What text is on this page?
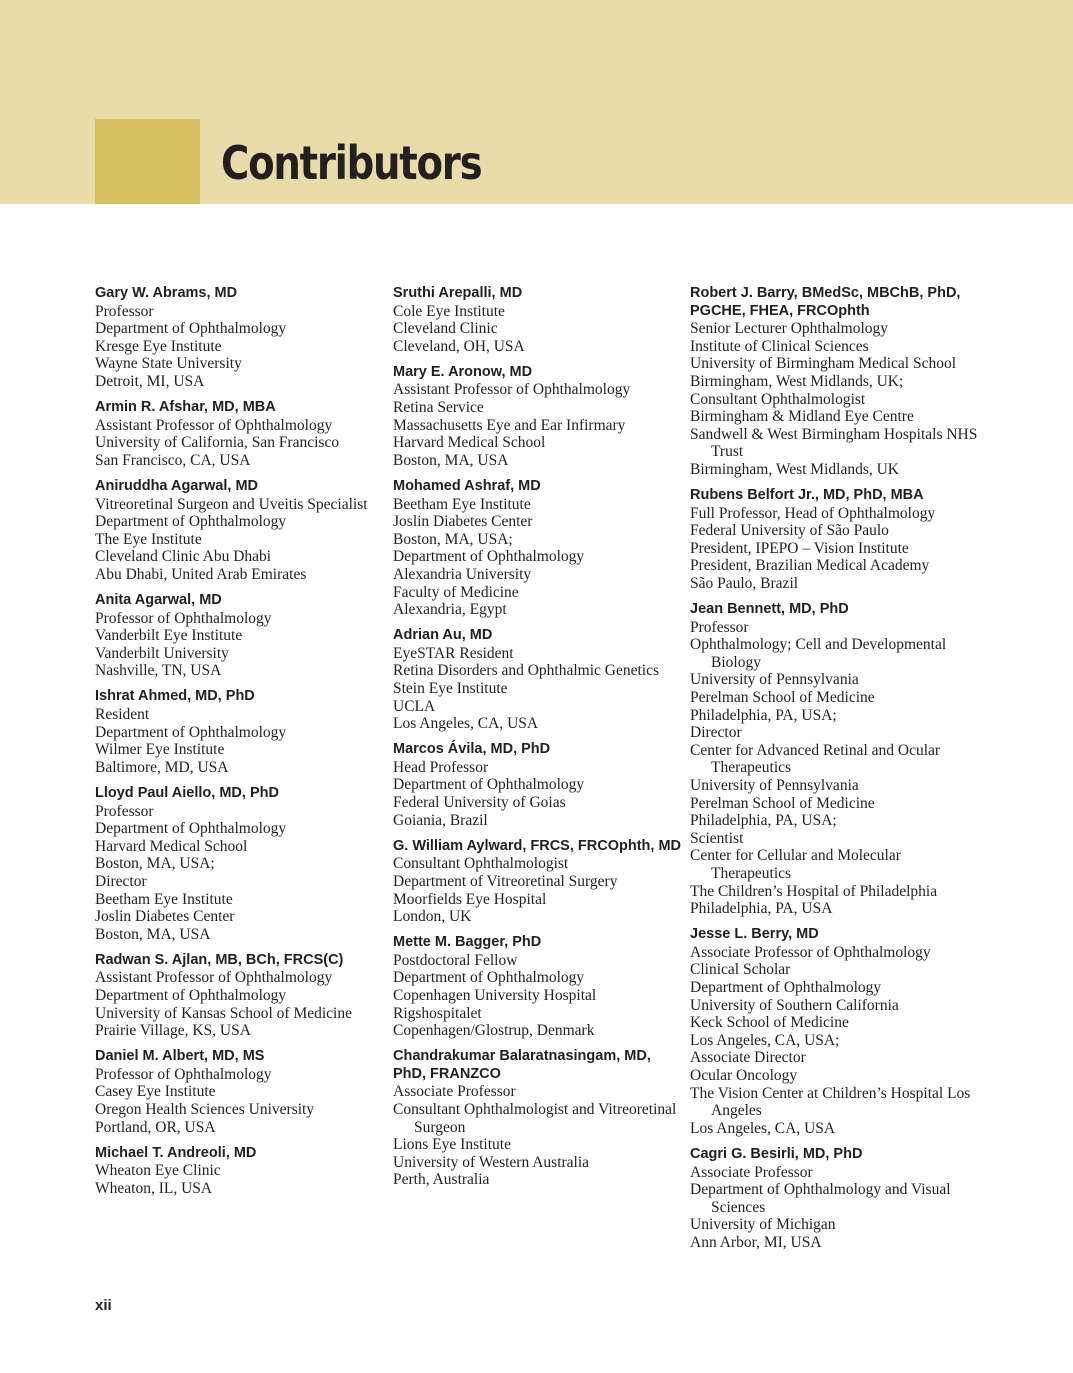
Contributors
Gary W. Abrams, MD
Professor
Department of Ophthalmology
Kresge Eye Institute
Wayne State University
Detroit, MI, USA
Armin R. Afshar, MD, MBA
Assistant Professor of Ophthalmology
University of California, San Francisco
San Francisco, CA, USA
Aniruddha Agarwal, MD
Vitreoretinal Surgeon and Uveitis Specialist
Department of Ophthalmology
The Eye Institute
Cleveland Clinic Abu Dhabi
Abu Dhabi, United Arab Emirates
Anita Agarwal, MD
Professor of Ophthalmology
Vanderbilt Eye Institute
Vanderbilt University
Nashville, TN, USA
Ishrat Ahmed, MD, PhD
Resident
Department of Ophthalmology
Wilmer Eye Institute
Baltimore, MD, USA
Lloyd Paul Aiello, MD, PhD
Professor
Department of Ophthalmology
Harvard Medical School
Boston, MA, USA;
Director
Beetham Eye Institute
Joslin Diabetes Center
Boston, MA, USA
Radwan S. Ajlan, MB, BCh, FRCS(C)
Assistant Professor of Ophthalmology
Department of Ophthalmology
University of Kansas School of Medicine
Prairie Village, KS, USA
Daniel M. Albert, MD, MS
Professor of Ophthalmology
Casey Eye Institute
Oregon Health Sciences University
Portland, OR, USA
Michael T. Andreoli, MD
Wheaton Eye Clinic
Wheaton, IL, USA
Sruthi Arepalli, MD
Cole Eye Institute
Cleveland Clinic
Cleveland, OH, USA
Mary E. Aronow, MD
Assistant Professor of Ophthalmology
Retina Service
Massachusetts Eye and Ear Infirmary
Harvard Medical School
Boston, MA, USA
Mohamed Ashraf, MD
Beetham Eye Institute
Joslin Diabetes Center
Boston, MA, USA;
Department of Ophthalmology
Alexandria University
Faculty of Medicine
Alexandria, Egypt
Adrian Au, MD
EyeSTAR Resident
Retina Disorders and Ophthalmic Genetics
Stein Eye Institute
UCLA
Los Angeles, CA, USA
Marcos Ávila, MD, PhD
Head Professor
Department of Ophthalmology
Federal University of Goias
Goiania, Brazil
G. William Aylward, FRCS, FRCOphth, MD
Consultant Ophthalmologist
Department of Vitreoretinal Surgery
Moorfields Eye Hospital
London, UK
Mette M. Bagger, PhD
Postdoctoral Fellow
Department of Ophthalmology
Copenhagen University Hospital
Rigshospitalet
Copenhagen/Glostrup, Denmark
Chandrakumar Balaratnasingam, MD, PhD, FRANZCO
Associate Professor
Consultant Ophthalmologist and Vitreoretinal Surgeon
Lions Eye Institute
University of Western Australia
Perth, Australia
Robert J. Barry, BMedSc, MBChB, PhD, PGCHE, FHEA, FRCOphth
Senior Lecturer Ophthalmology
Institute of Clinical Sciences
University of Birmingham Medical School
Birmingham, West Midlands, UK;
Consultant Ophthalmologist
Birmingham & Midland Eye Centre
Sandwell & West Birmingham Hospitals NHS Trust
Birmingham, West Midlands, UK
Rubens Belfort Jr., MD, PhD, MBA
Full Professor, Head of Ophthalmology
Federal University of São Paulo
President, IPEPO – Vision Institute
President, Brazilian Medical Academy
São Paulo, Brazil
Jean Bennett, MD, PhD
Professor
Ophthalmology; Cell and Developmental Biology
University of Pennsylvania
Perelman School of Medicine
Philadelphia, PA, USA;
Director
Center for Advanced Retinal and Ocular Therapeutics
University of Pennsylvania
Perelman School of Medicine
Philadelphia, PA, USA;
Scientist
Center for Cellular and Molecular Therapeutics
The Children’s Hospital of Philadelphia
Philadelphia, PA, USA
Jesse L. Berry, MD
Associate Professor of Ophthalmology
Clinical Scholar
Department of Ophthalmology
University of Southern California
Keck School of Medicine
Los Angeles, CA, USA;
Associate Director
Ocular Oncology
The Vision Center at Children’s Hospital Los Angeles
Los Angeles, CA, USA
Cagri G. Besirli, MD, PhD
Associate Professor
Department of Ophthalmology and Visual Sciences
University of Michigan
Ann Arbor, MI, USA
xii
